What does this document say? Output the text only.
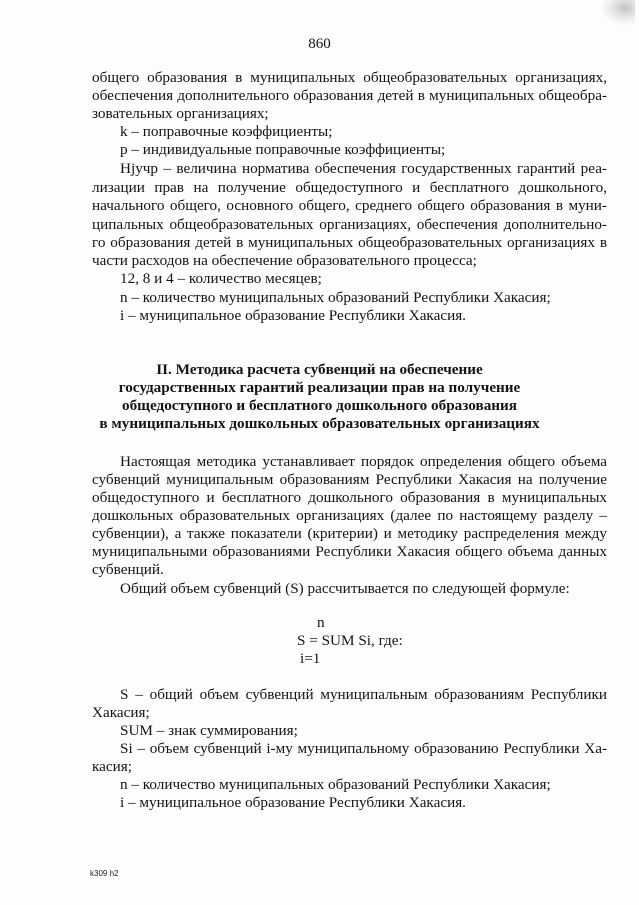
860
общего образования в муниципальных общеобразовательных организациях,
обеспечения дополнительного образования детей в муниципальных общеобра-
зовательных организациях;
k – поправочные коэффициенты;
p – индивидуальные поправочные коэффициенты;
Нjучр – величина норматива обеспечения государственных гарантий реа-
лизации прав на получение общедоступного и бесплатного дошкольного,
начального общего, основного общего, среднего общего образования в муни-
ципальных общеобразовательных организациях, обеспечения дополнительно-
го образования детей в муниципальных общеобразовательных организациях в
части расходов на обеспечение образовательного процесса;
12, 8 и 4 – количество месяцев;
n – количество муниципальных образований Республики Хакасия;
i – муниципальное образование Республики Хакасия.
II. Методика расчета субвенций на обеспечение
государственных гарантий реализации прав на получение
общедоступного и бесплатного дошкольного образования
в муниципальных дошкольных образовательных организациях
Настоящая методика устанавливает порядок определения общего объема
субвенций муниципальным образованиям Республики Хакасия на получение
общедоступного и бесплатного дошкольного образования в муниципальных
дошкольных образовательных организациях (далее по настоящему разделу –
субвенции), а также показатели (критерии) и методику распределения между
муниципальными образованиями Республики Хакасия общего объема данных
субвенций.
Общий объем субвенций (S) рассчитывается по следующей формуле:
n
S = SUM Si, где:
i=1
S – общий объем субвенций муниципальным образованиям Республики
Хакасия;
SUM – знак суммирования;
Si – объем субвенций i-му муниципальному образованию Республики Ха-
касия;
n – количество муниципальных образований Республики Хакасия;
i – муниципальное образование Республики Хакасия.
k309 h2
